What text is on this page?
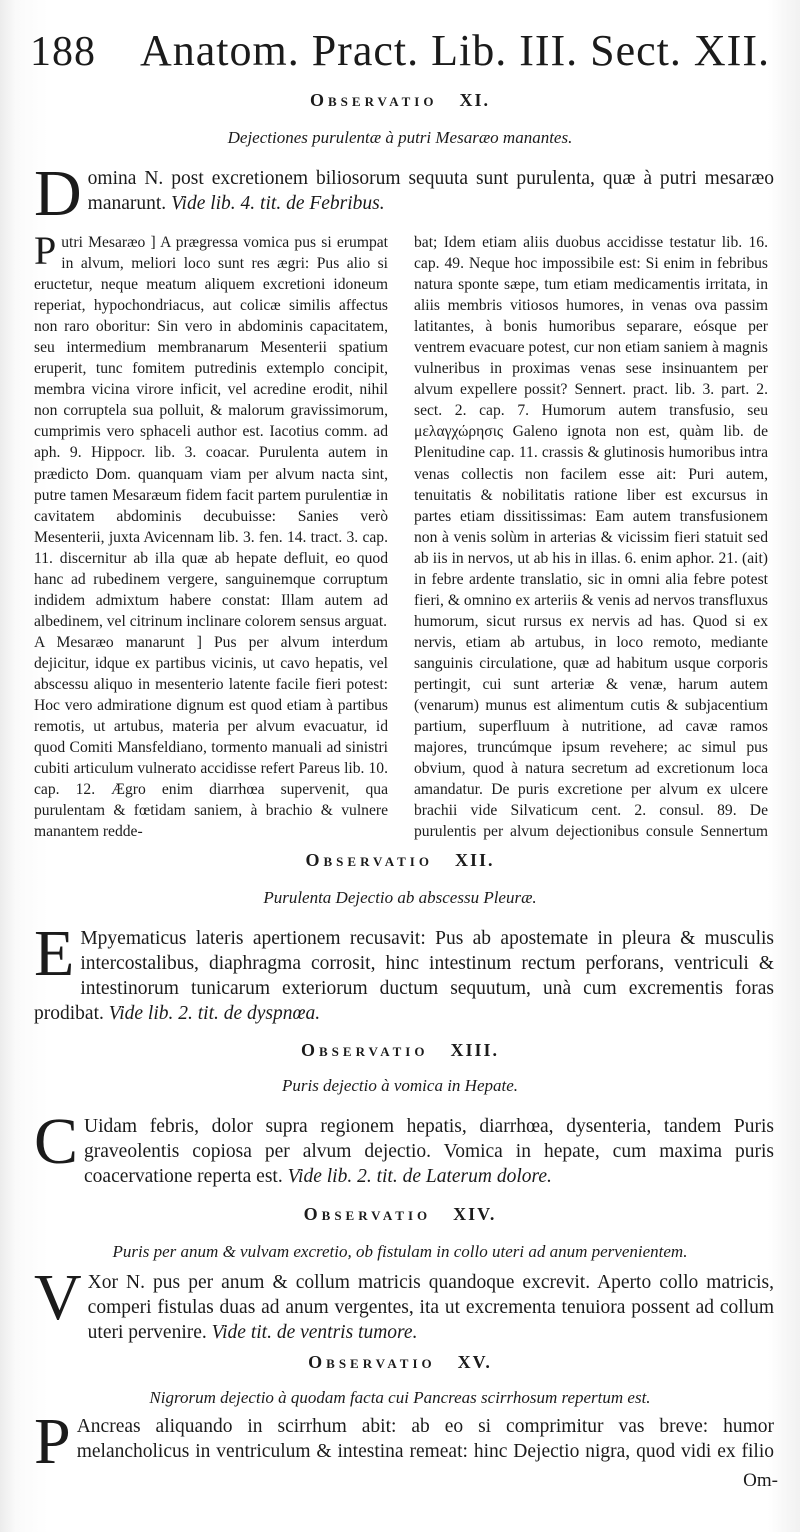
188 Anatom. Pract. Lib. III. Sect. XII.
Observatio XI.
Dejectiones purulentæ à putri Mesaræo manantes.
D omina N. post excretionem biliosorum sequuta sunt purulenta, quæ à putri mesaræo manarunt. Vide lib. 4. tit. de Febribus.

Putri Mesaræo ] A prægressa vomica pus si erumpat in alvum, meliori loco sunt res ægri: Pus alio si eructetur, neque meatum aliquem excretioni idoneum reperiat, hypochondriacus, aut colicæ similis affectus non raro oboritur: Sin vero in abdominis capacitatem, seu intermedium membranarum Mesenterii spatium eruperit, tunc fomitem putredinis extemplo concipit, membra vicina virore inficit, vel acredine erodit, nihil non corruptela sua polluit, & malorum gravissimorum, cumprimis vero sphaceli author est. Iacotius comm. ad aph. 9. Hippocr. lib. 3. coacar. Purulenta autem in prædicto Dom. quanquam viam per alvum nacta sint, putre tamen Mesaræum fidem facit partem purulentiæ in cavitatem abdominis decubuisse: Sanies verò Mesenterii, juxta Avicennam lib. 3. fen. 14. tract. 3. cap. 11. discernitur ab illa quæ ab hepate defluit, eo quod hanc ad rubedinem vergere, sanguinemque corruptum indidem admixtum habere constat: Illam autem ad albedinem, vel citrinum inclinare colorem sensus arguat.

A Mesaræo manarunt ] Pus per alvum interdum dejicitur, idque ex partibus vicinis, ut cavo hepatis, vel abscessu aliquo in mesenterio latente facile fieri potest: Hoc vero admiratione dignum est quod etiam à partibus remotis, ut artubus, materia per alvum evacuatur, id quod Comiti Mansfeldiano, tormento manuali ad sinistri cubiti articulum vulnerato accidisse refert Pareus lib. 10. cap. 12. Ægro enim diarrhœa supervenit, qua purulentam & fœtidam saniem, à brachio & vulnere manantem redde-

bat; Idem etiam aliis duobus accidisse testatur lib. 16. cap. 49. Neque hoc impossibile est: Si enim in febribus natura sponte sæpe, tum etiam medicamentis irritata, in aliis membris vitiosos humores, in venas ova passim latitantes, à bonis humoribus separare, eósque per ventrem evacuare potest, cur non etiam saniem à magnis vulneribus in proximas venas sese insinuantem per alvum expellere possit? Sennert. pract. lib. 3. part. 2. sect. 2. cap. 7. Humorum autem transfusio, seu μελαγχώρησις Galeno ignota non est, quàm lib. de Plenitudine cap. 11. crassis & glutinosis humoribus intra venas collectis non facilem esse ait: Puri autem, tenuitatis & nobilitatis ratione liber est excursus in partes etiam dissitissimas: Eam autem transfusionem non à venis solùm in arterias & vicissim fieri statuit sed ab iis in nervos, ut ab his in illas. 6. enim aphor. 21. (ait) in febre ardente translatio, sic in omni alia febre potest fieri, & omnino ex arteriis & venis ad nervos transfluxus humorum, sicut rursus ex nervis ad has. Quod si ex nervis, etiam ab artubus, in loco remoto, mediante sanguinis circulatione, quæ ad habitum usque corporis pertingit, cui sunt arteriæ & venæ, harum autem (venarum) munus est alimentum cutis & subjacentium partium, superfluum à nutritione, ad cavæ ramos majores, truncúmque ipsum revehere; ac simul pus obvium, quod à natura secretum ad excretionum loca amandatur. De puris excretione per alvum ex ulcere brachii vide Silvaticum cent. 2. consul. 89. De purulentis per alvum dejectionibus consule Sennertum

Observatio XII.
Purulenta Dejectio ab abscessu Pleuræ.
E Mpyematicus lateris apertionem recusavit: Pus ab apostemate in pleura & musculis intercostalibus, diaphragma corrosit, hinc intestinum rectum perforans, ventriculi & intestinorum tunicarum exteriorum ductum sequutum, unà cum excrementis foras prodibat. Vide lib. 2. tit. de dyspnœa.
Observatio XIII.
Puris dejectio à vomica in Hepate.
C Uidam febris, dolor supra regionem hepatis, diarrhœa, dysenteria, tandem Puris graveolentis copiosa per alvum dejectio. Vomica in hepate, cum maxima puris coacervatione reperta est. Vide lib. 2. tit. de Laterum dolore.
Observatio XIV.
Puris per anum & vulvam excretio, ob fistulam in collo uteri ad anum pervenientem.
V Xor N. pus per anum & collum matricis quandoque excrevit. Aperto collo matricis, comperi fistulas duas ad anum vergentes, ita ut excrementa tenuiora possent ad collum uteri pervenire. Vide tit. de ventris tumore.
Observatio XV.
Nigrorum dejectio à quodam facta cui Pancreas scirrhosum repertum est.
P Ancreas aliquando in scirrhum abit: ab eo si comprimitur vas breve: humor melancholicus in ventriculum & intestina remeat: hinc Dejectio nigra, quod vidi ex filio
Om-
